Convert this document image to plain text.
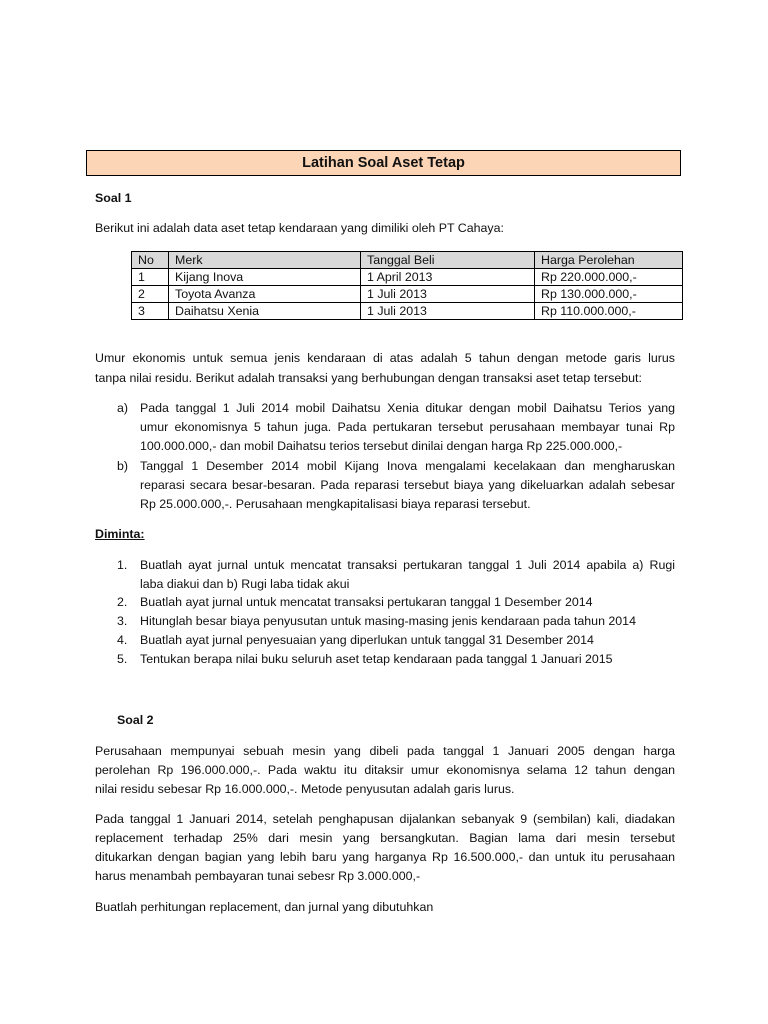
Latihan Soal Aset Tetap
Soal 1
Berikut ini adalah data aset tetap kendaraan yang dimiliki oleh PT Cahaya:
No	Merk	Tanggal Beli	Harga Perolehan
1	Kijang Inova	1 April 2013	Rp 220.000.000,-
2	Toyota Avanza	1 Juli 2013	Rp 130.000.000,-
3	Daihatsu Xenia	1 Juli 2013	Rp 110.000.000,-
Umur ekonomis untuk semua jenis kendaraan di atas adalah 5 tahun dengan metode garis lurus
tanpa nilai residu. Berikut adalah transaksi yang berhubungan dengan transaksi aset tetap tersebut:
a) Pada tanggal 1 Juli 2014 mobil Daihatsu Xenia ditukar dengan mobil Daihatsu Terios yang
umur ekonomisnya 5 tahun juga. Pada pertukaran tersebut perusahaan membayar tunai Rp
100.000.000,- dan mobil Daihatsu terios tersebut dinilai dengan harga Rp 225.000.000,-
b) Tanggal 1 Desember 2014 mobil Kijang Inova mengalami kecelakaan dan mengharuskan
reparasi secara besar-besaran. Pada reparasi tersebut biaya yang dikeluarkan adalah sebesar
Rp 25.000.000,-. Perusahaan mengkapitalisasi biaya reparasi tersebut.
Diminta:
1. Buatlah ayat jurnal untuk mencatat transaksi pertukaran tanggal 1 Juli 2014 apabila a) Rugi
laba diakui dan b) Rugi laba tidak akui
2. Buatlah ayat jurnal untuk mencatat transaksi pertukaran tanggal 1 Desember 2014
3. Hitunglah besar biaya penyusutan untuk masing-masing jenis kendaraan pada tahun 2014
4. Buatlah ayat jurnal penyesuaian yang diperlukan untuk tanggal 31 Desember 2014
5. Tentukan berapa nilai buku seluruh aset tetap kendaraan pada tanggal 1 Januari 2015
Soal 2
Perusahaan mempunyai sebuah mesin yang dibeli pada tanggal 1 Januari 2005 dengan harga
perolehan Rp 196.000.000,-. Pada waktu itu ditaksir umur ekonomisnya selama 12 tahun dengan
nilai residu sebesar Rp 16.000.000,-. Metode penyusutan adalah garis lurus.
Pada tanggal 1 Januari 2014, setelah penghapusan dijalankan sebanyak 9 (sembilan) kali, diadakan
replacement terhadap 25% dari mesin yang bersangkutan. Bagian lama dari mesin tersebut
ditukarkan dengan bagian yang lebih baru yang harganya Rp 16.500.000,- dan untuk itu perusahaan
harus menambah pembayaran tunai sebesr Rp 3.000.000,-
Buatlah perhitungan replacement, dan jurnal yang dibutuhkan
